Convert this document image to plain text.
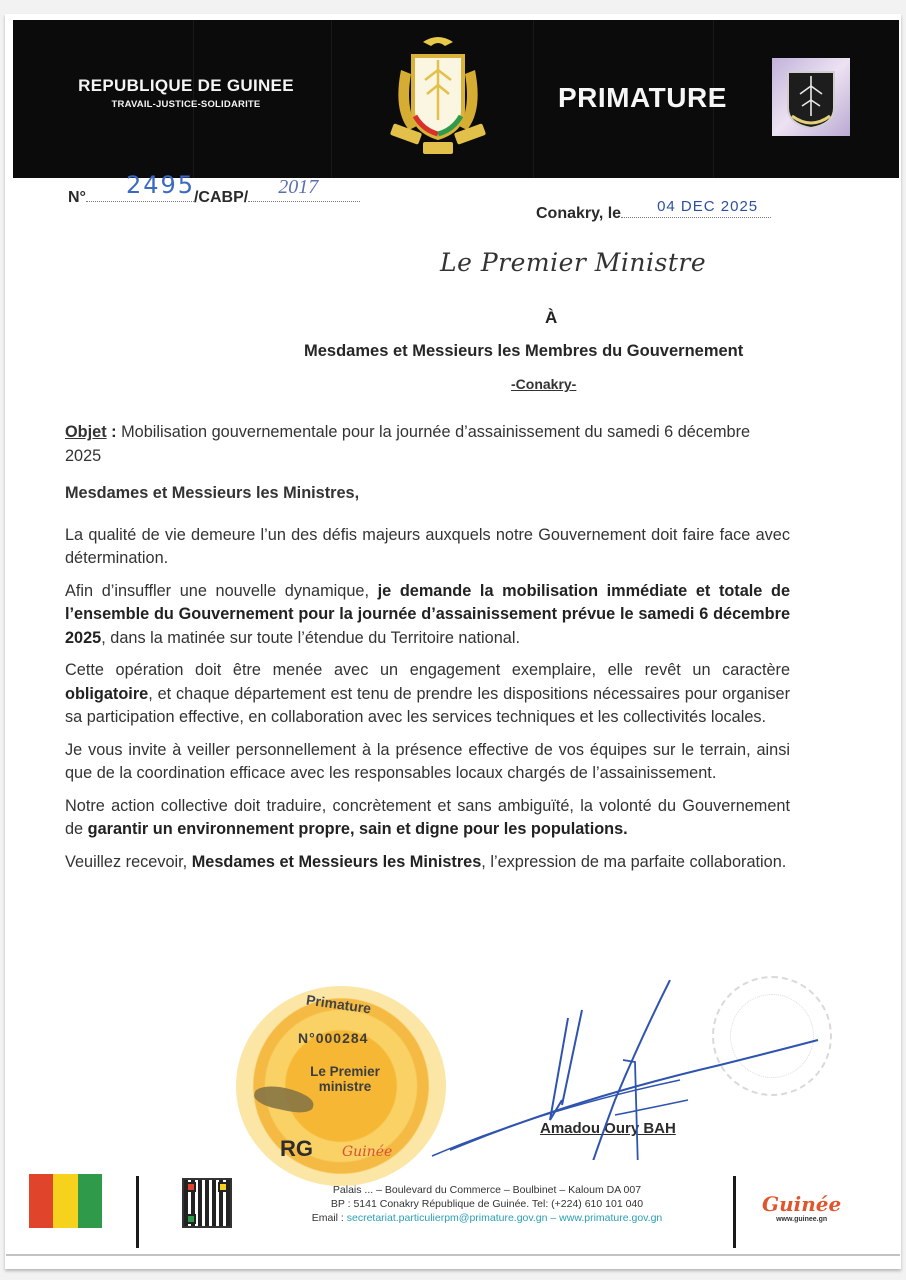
REPUBLIQUE DE GUINEE
TRAVAIL-JUSTICE-SOLIDARITE	PRIMATURE
N° 2495
/CABP/ 2017
Conakry, le 04 DEC 2025
Le Premier Ministre
À
Mesdames et Messieurs les Membres du Gouvernement
-Conakry-

Objet : Mobilisation gouvernementale pour la journée d’assainissement du samedi 6 décembre 2025

Mesdames et Messieurs les Ministres,

La qualité de vie demeure l’un des défis majeurs auxquels notre Gouvernement doit faire face avec détermination.

Afin d’insuffler une nouvelle dynamique, je demande la mobilisation immédiate et totale de l’ensemble du Gouvernement pour la journée d’assainissement prévue le samedi 6 décembre 2025, dans la matinée sur toute l’étendue du Territoire national.

Cette opération doit être menée avec un engagement exemplaire, elle revêt un caractère obligatoire, et chaque département est tenu de prendre les dispositions nécessaires pour organiser sa participation effective, en collaboration avec les services techniques et les collectivités locales.

Je vous invite à veiller personnellement à la présence effective de vos équipes sur le terrain, ainsi que de la coordination efficace avec les responsables locaux chargés de l’assainissement.

Notre action collective doit traduire, concrètement et sans ambiguïté, la volonté du Gouvernement de garantir un environnement propre, sain et digne pour les populations.

Veuillez recevoir, Mesdames et Messieurs les Ministres, l’expression de ma parfaite collaboration.

Primature
N°000284
Le Premier ministre
RG Guinée
Amadou Oury BAH
Palais ... – Boulevard du Commerce – Boulbinet – Kaloum DA 007
BP : 5141 Conakry République de Guinée. Tel: (+224) 610 101 040
Email : secretariat.particulierpm@primature.gov.gn – www.primature.gov.gn
Guinée
www.guinee.gn
